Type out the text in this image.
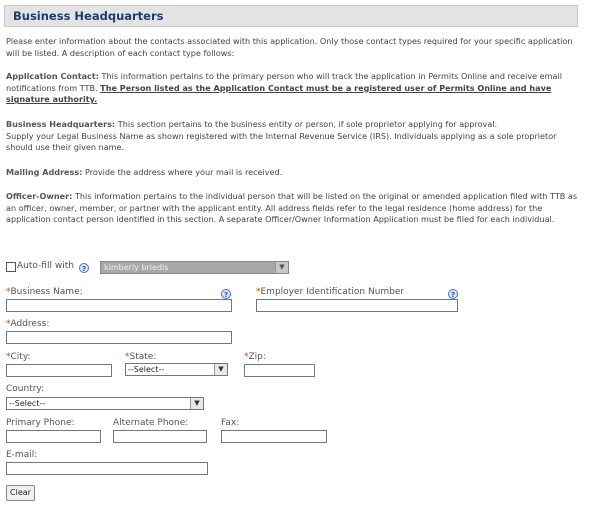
Business Headquarters
Please enter information about the contacts associated with this application. Only those contact types required for your specific application will be listed. A description of each contact type follows:
Application Contact: This information pertains to the primary person who will track the application in Permits Online and receive email notifications from TTB. The Person listed as the Application Contact must be a registered user of Permits Online and have signature authority.
Business Headquarters: This section pertains to the business entity or person, if sole proprietor applying for approval.
Supply your Legal Business Name as shown registered with the Internal Revenue Service (IRS). Individuals applying as a sole proprietor should use their given name.
Mailing Address: Provide the address where your mail is received.
Officer-Owner: This information pertains to the individual person that will be listed on the original or amended application filed with TTB as an officer, owner, member, or partner with the applicant entity. All address fields refer to the legal residence (home address) for the application contact person identified in this section. A separate Officer/Owner Information Application must be filed for each individual.
Auto-fill with	?	kimberly briedis	▼
*Business Name:	?	*Employer Identification Number	?
*Address:
*City:	*State:
--Select--	▼
*Zip:
Country:
--Select--	▼
Primary Phone:	Alternate Phone:	Fax:
E-mail:
Clear
